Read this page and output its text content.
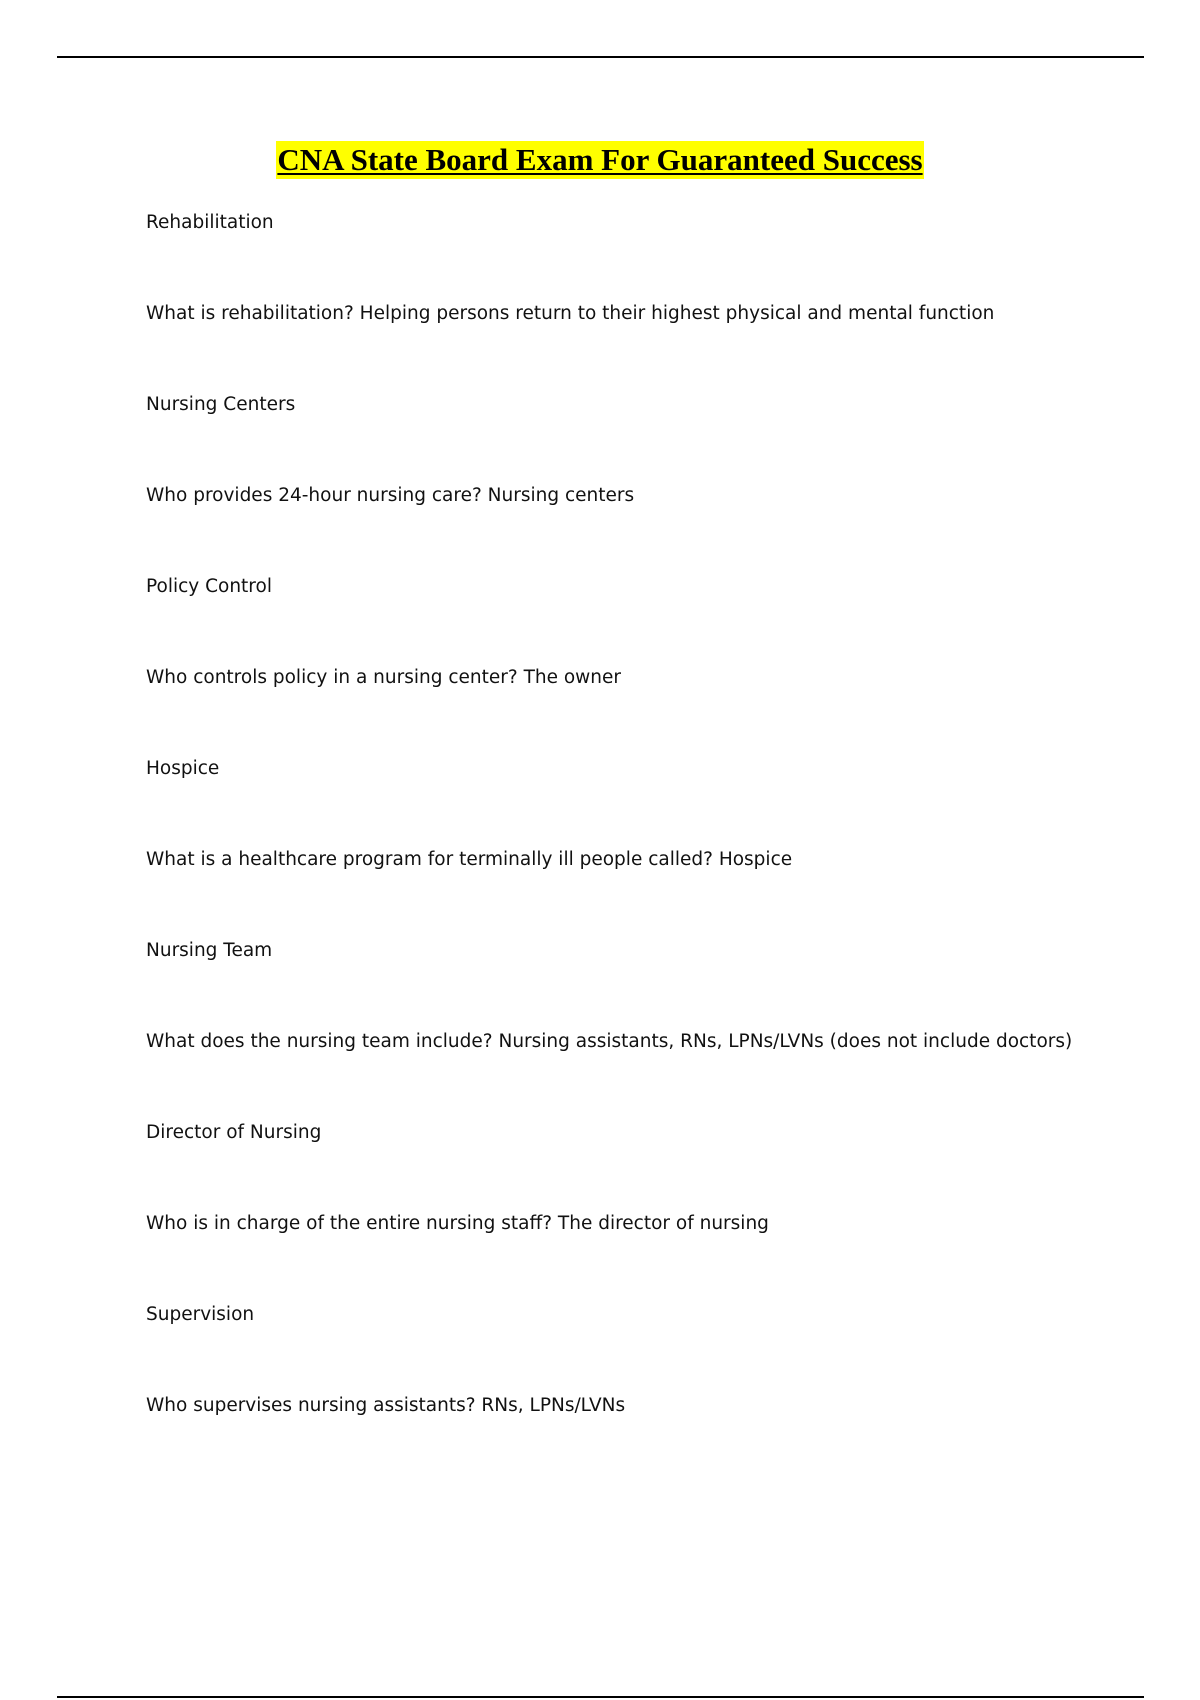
CNA State Board Exam For Guaranteed Success
Rehabilitation
What is rehabilitation? Helping persons return to their highest physical and mental function
Nursing Centers
Who provides 24-hour nursing care? Nursing centers
Policy Control
Who controls policy in a nursing center? The owner
Hospice
What is a healthcare program for terminally ill people called? Hospice
Nursing Team
What does the nursing team include? Nursing assistants, RNs, LPNs/LVNs (does not include doctors)
Director of Nursing
Who is in charge of the entire nursing staff? The director of nursing
Supervision
Who supervises nursing assistants? RNs, LPNs/LVNs
